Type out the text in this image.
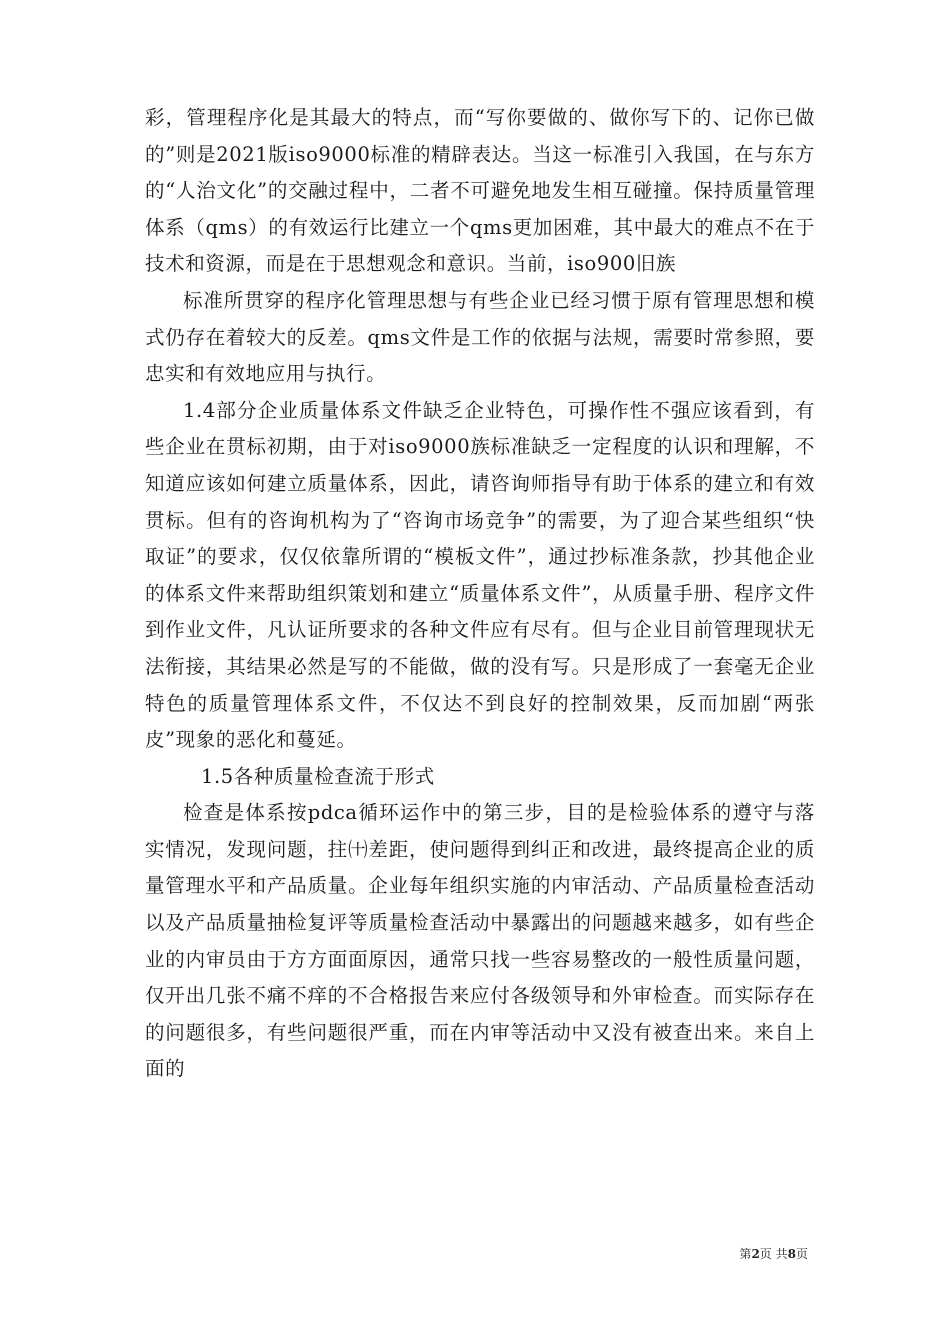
彩，管理程序化是其最大的特点，而“写你要做的、做你写下的、记你已做的”则是2021版iso9000标准的精辟表达。当这一标准引入我国，在与东方的“人治文化”的交融过程中，二者不可避免地发生相互碰撞。保持质量管理体系（qms）的有效运行比建立一个qms更加困难，其中最大的难点不在于技术和资源，而是在于思想观念和意识。当前，iso900旧族

标准所贯穿的程序化管理思想与有些企业已经习惯于原有管理思想和模式仍存在着较大的反差。qms文件是工作的依据与法规，需要时常参照，要忠实和有效地应用与执行。

1.4部分企业质量体系文件缺乏企业特色，可操作性不强应该看到，有些企业在贯标初期，由于对iso9000族标准缺乏一定程度的认识和理解，不知道应该如何建立质量体系，因此，请咨询师指导有助于体系的建立和有效贯标。但有的咨询机构为了“咨询市场竞争”的需要，为了迎合某些组织“快取证”的要求，仅仅依靠所谓的“模板文件”，通过抄标准条款，抄其他企业的体系文件来帮助组织策划和建立“质量体系文件”，从质量手册、程序文件到作业文件，凡认证所要求的各种文件应有尽有。但与企业目前管理现状无法衔接，其结果必然是写的不能做，做的没有写。只是形成了一套毫无企业特色的质量管理体系文件，不仅达不到良好的控制效果，反而加剧“两张皮”现象的恶化和蔓延。

1.5各种质量检查流于形式

检查是体系按pdca循环运作中的第三步，目的是检验体系的遵守与落实情况，发现问题，拄㈩差距，使问题得到纠正和改进，最终提高企业的质量管理水平和产品质量。企业每年组织实施的内审活动、产品质量检查活动以及产品质量抽检复评等质量检查活动中暴露出的问题越来越多，如有些企业的内审员由于方方面面原因，通常只找一些容易整改的一般性质量问题，仅开出几张不痛不痒的不合格报告来应付各级领导和外审检查。而实际存在的问题很多，有些问题很严重，而在内审等活动中又没有被查出来。来自上面的

第2页 共8页
